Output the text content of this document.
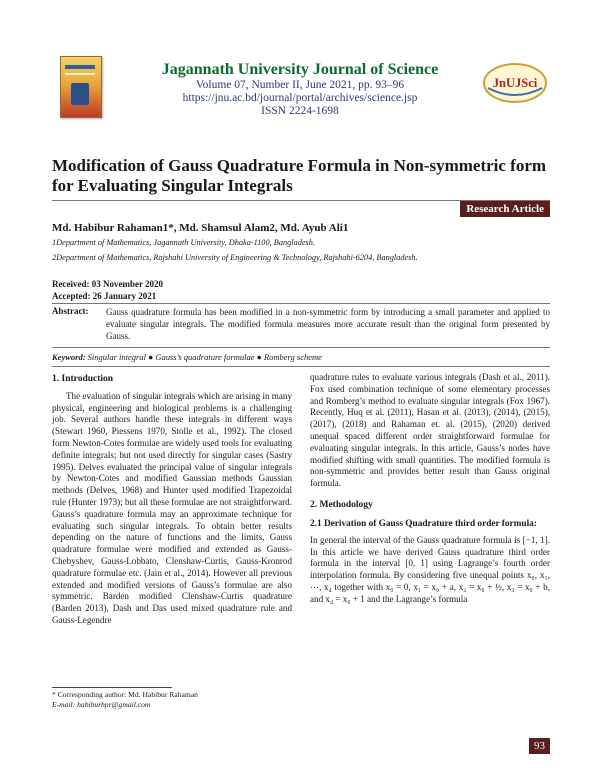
Jagannath University Journal of Science
Volume 07, Number II, June 2021, pp. 93–96
https://jnu.ac.bd/journal/portal/archives/science.jsp
ISSN 2224-1698
JnUJSci
Modification of Gauss Quadrature Formula in Non-symmetric form for Evaluating Singular Integrals
Research Article
Md. Habibur Rahaman1*, Md. Shamsul Alam2, Md. Ayub Ali1
1Department of Mathematics, Jagannath University, Dhaka-1100, Bangladesh.
2Department of Mathematics, Rajshahi University of Engineering & Technology, Rajshahi-6204, Bangladesh.
Received: 03 November 2020
Accepted: 26 January 2021
Abstract: Gauss quadrature formula has been modified in a non-symmetric form by introducing a small parameter and applied to evaluate singular integrals. The modified formula measures more accurate result than the original form presented by Gauss.
Keyword: Singular integral ● Gauss’s quadrature formulae ● Romberg scheme
1. Introduction

The evaluation of singular integrals which are arising in many physical, engineering and biological problems is a challenging job. Several authors handle these integrals in different ways (Stewart 1960, Piessens 1970, Stolle et al., 1992). The closed form Newton-Cotes formulae are widely used tools for evaluating definite integrals; but not used directly for singular cases (Sastry 1995). Delves evaluated the principal value of singular integrals by Newton-Cotes and modified Gaussian methods Gaussian methods (Delves, 1968) and Hunter used modified Trapezoidal rule (Hunter 1973); but all these formulae are not straightforward. Gauss’s quadrature formula may an approximate technique for evaluating such singular integrals. To obtain better results depending on the nature of functions and the limits, Gauss quadrature formulae were modified and extended as Gauss-Chebyshev, Gauss-Lobbato, Clenshaw-Curtis, Gauss-Kronrod quadrature formulae etc. (Jain et al., 2014). However all previous extended and modified versions of Gauss’s formulae are also symmetric. Barden modified Clenshaw-Curtis quadrature (Barden 2013), Dash and Das used mixed quadrature rule and Gauss-Legendre

quadrature rules to evaluate various integrals (Dash et al., 2011). Fox used combination technique of some elementary processes and Romberg’s method to evaluate singular integrals (Fox 1967). Recently, Huq et al. (2011), Hasan et al. (2013), (2014), (2015), (2017), (2018) and Rahaman et. al. (2015), (2020) derived unequal spaced different order straightforward formulae for evaluating singular integrals. In this article, Gauss’s nodes have modified shifting with small quantities. The modified formula is non-symmetric and provides better result than Gauss original formula.

2. Methodology
2.1 Derivation of Gauss Quadrature third order formula:

In general the interval of the Gauss quadrature formula is [−1, 1]. In this article we have derived Gauss quadrature third order formula in the interval [0, 1] using Lagrange’s fourth order interpolation formula. By considering five unequal points x₀, x₁, ⋯, x₄ together with x₀ = 0, x₁ = x₀ + a, x₂ = x₀ + ½, x₃ = x₀ + b, and x₄ = x₀ + 1 and the Lagrange’s formula

* Corresponding author: Md. Habibur Rahaman
E-mail: habiburhpr@gmail.com
93
